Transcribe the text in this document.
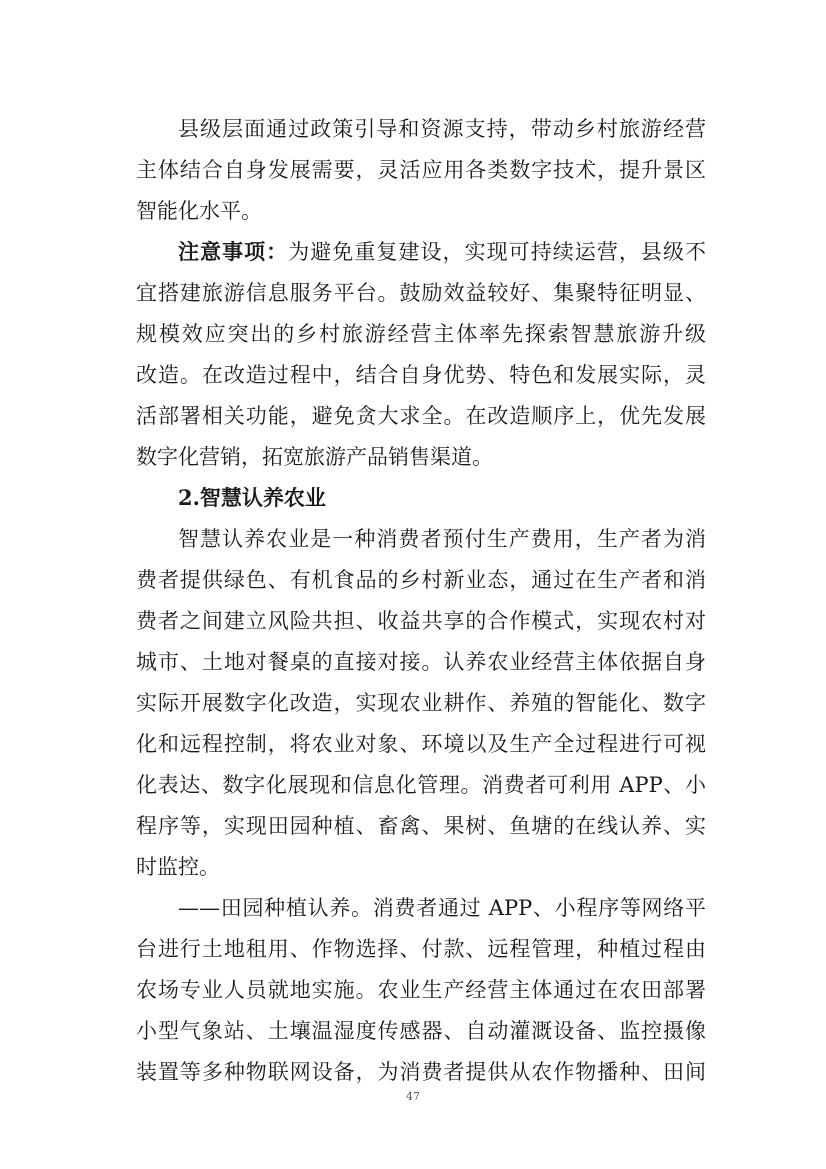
县级层面通过政策引导和资源支持，带动乡村旅游经营
主体结合自身发展需要，灵活应用各类数字技术，提升景区
智能化水平。
注意事项：为避免重复建设，实现可持续运营，县级不
宜搭建旅游信息服务平台。鼓励效益较好、集聚特征明显、
规模效应突出的乡村旅游经营主体率先探索智慧旅游升级
改造。在改造过程中，结合自身优势、特色和发展实际，灵
活部署相关功能，避免贪大求全。在改造顺序上，优先发展
数字化营销，拓宽旅游产品销售渠道。
2.智慧认养农业
智慧认养农业是一种消费者预付生产费用，生产者为消
费者提供绿色、有机食品的乡村新业态，通过在生产者和消
费者之间建立风险共担、收益共享的合作模式，实现农村对
城市、土地对餐桌的直接对接。认养农业经营主体依据自身
实际开展数字化改造，实现农业耕作、养殖的智能化、数字
化和远程控制，将农业对象、环境以及生产全过程进行可视
化表达、数字化展现和信息化管理。消费者可利用 APP、小
程序等，实现田园种植、畜禽、果树、鱼塘的在线认养、实
时监控。
——田园种植认养。消费者通过 APP、小程序等网络平
台进行土地租用、作物选择、付款、远程管理，种植过程由
农场专业人员就地实施。农业生产经营主体通过在农田部署
小型气象站、土壤温湿度传感器、自动灌溉设备、监控摄像
装置等多种物联网设备，为消费者提供从农作物播种、田间
47
